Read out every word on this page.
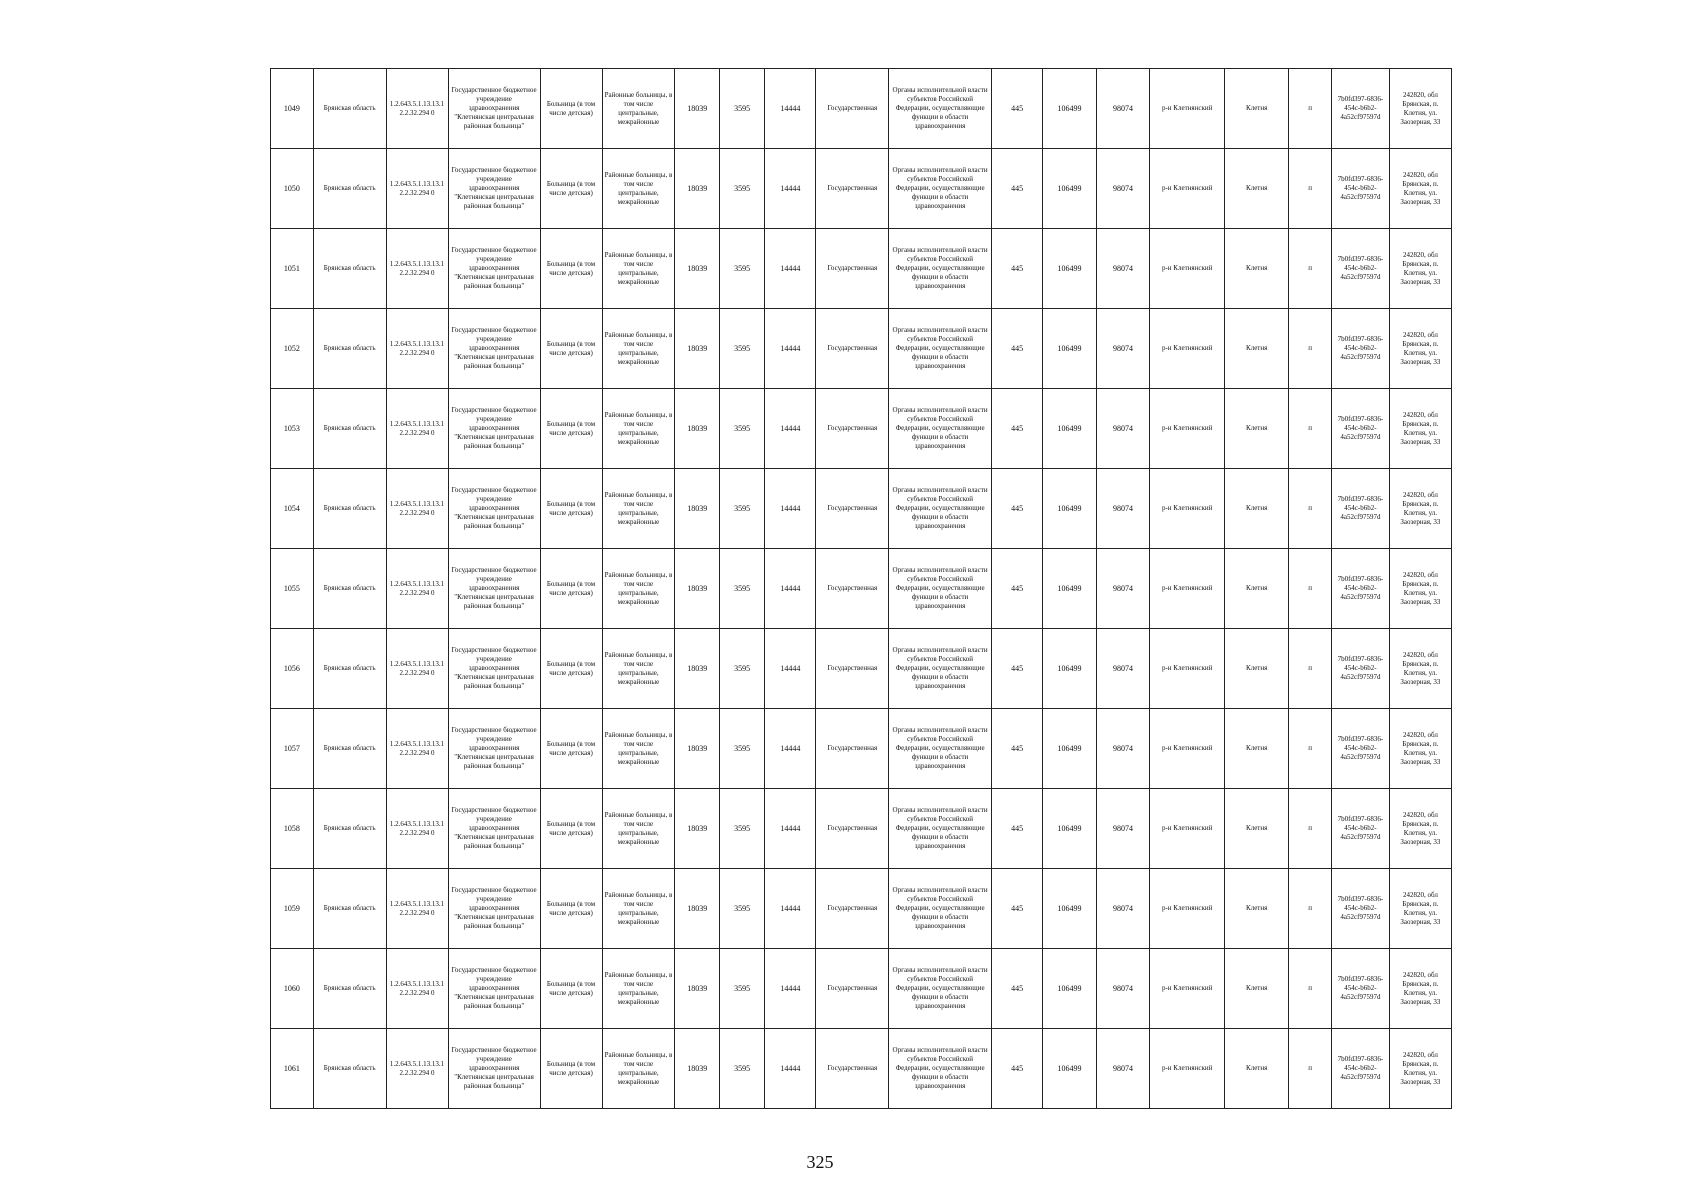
1049	Брянская область	1.2.643.5.1.13.13.12.2.32.294 0	Государственное бюджетное учреждение здравоохранения "Клетнянская центральная районная больница"	Больница (в том числе детская)	Районные больницы, в том числе центральные, межрайонные	18039	3595	14444	Государственная	Органы исполнительной власти субъектов Российской Федерации, осуществляющие функции в области здравоохранения	445	106499	98074	р-н Клетнянский	Клетня	п	7b0fd397-6836-454c-b6b2-4a52cf97597d	242820, обл Брянская, п. Клетня, ул. Заозерная, 33
1050	Брянская область	1.2.643.5.1.13.13.12.2.32.294 0	Государственное бюджетное учреждение здравоохранения "Клетнянская центральная районная больница"	Больница (в том числе детская)	Районные больницы, в том числе центральные, межрайонные	18039	3595	14444	Государственная	Органы исполнительной власти субъектов Российской Федерации, осуществляющие функции в области здравоохранения	445	106499	98074	р-н Клетнянский	Клетня	п	7b0fd397-6836-454c-b6b2-4a52cf97597d	242820, обл Брянская, п. Клетня, ул. Заозерная, 33
1051	Брянская область	1.2.643.5.1.13.13.12.2.32.294 0	Государственное бюджетное учреждение здравоохранения "Клетнянская центральная районная больница"	Больница (в том числе детская)	Районные больницы, в том числе центральные, межрайонные	18039	3595	14444	Государственная	Органы исполнительной власти субъектов Российской Федерации, осуществляющие функции в области здравоохранения	445	106499	98074	р-н Клетнянский	Клетня	п	7b0fd397-6836-454c-b6b2-4a52cf97597d	242820, обл Брянская, п. Клетня, ул. Заозерная, 33
1052	Брянская область	1.2.643.5.1.13.13.12.2.32.294 0	Государственное бюджетное учреждение здравоохранения "Клетнянская центральная районная больница"	Больница (в том числе детская)	Районные больницы, в том числе центральные, межрайонные	18039	3595	14444	Государственная	Органы исполнительной власти субъектов Российской Федерации, осуществляющие функции в области здравоохранения	445	106499	98074	р-н Клетнянский	Клетня	п	7b0fd397-6836-454c-b6b2-4a52cf97597d	242820, обл Брянская, п. Клетня, ул. Заозерная, 33
1053	Брянская область	1.2.643.5.1.13.13.12.2.32.294 0	Государственное бюджетное учреждение здравоохранения "Клетнянская центральная районная больница"	Больница (в том числе детская)	Районные больницы, в том числе центральные, межрайонные	18039	3595	14444	Государственная	Органы исполнительной власти субъектов Российской Федерации, осуществляющие функции в области здравоохранения	445	106499	98074	р-н Клетнянский	Клетня	п	7b0fd397-6836-454c-b6b2-4a52cf97597d	242820, обл Брянская, п. Клетня, ул. Заозерная, 33
1054	Брянская область	1.2.643.5.1.13.13.12.2.32.294 0	Государственное бюджетное учреждение здравоохранения "Клетнянская центральная районная больница"	Больница (в том числе детская)	Районные больницы, в том числе центральные, межрайонные	18039	3595	14444	Государственная	Органы исполнительной власти субъектов Российской Федерации, осуществляющие функции в области здравоохранения	445	106499	98074	р-н Клетнянский	Клетня	п	7b0fd397-6836-454c-b6b2-4a52cf97597d	242820, обл Брянская, п. Клетня, ул. Заозерная, 33
1055	Брянская область	1.2.643.5.1.13.13.12.2.32.294 0	Государственное бюджетное учреждение здравоохранения "Клетнянская центральная районная больница"	Больница (в том числе детская)	Районные больницы, в том числе центральные, межрайонные	18039	3595	14444	Государственная	Органы исполнительной власти субъектов Российской Федерации, осуществляющие функции в области здравоохранения	445	106499	98074	р-н Клетнянский	Клетня	п	7b0fd397-6836-454c-b6b2-4a52cf97597d	242820, обл Брянская, п. Клетня, ул. Заозерная, 33
1056	Брянская область	1.2.643.5.1.13.13.12.2.32.294 0	Государственное бюджетное учреждение здравоохранения "Клетнянская центральная районная больница"	Больница (в том числе детская)	Районные больницы, в том числе центральные, межрайонные	18039	3595	14444	Государственная	Органы исполнительной власти субъектов Российской Федерации, осуществляющие функции в области здравоохранения	445	106499	98074	р-н Клетнянский	Клетня	п	7b0fd397-6836-454c-b6b2-4a52cf97597d	242820, обл Брянская, п. Клетня, ул. Заозерная, 33
1057	Брянская область	1.2.643.5.1.13.13.12.2.32.294 0	Государственное бюджетное учреждение здравоохранения "Клетнянская центральная районная больница"	Больница (в том числе детская)	Районные больницы, в том числе центральные, межрайонные	18039	3595	14444	Государственная	Органы исполнительной власти субъектов Российской Федерации, осуществляющие функции в области здравоохранения	445	106499	98074	р-н Клетнянский	Клетня	п	7b0fd397-6836-454c-b6b2-4a52cf97597d	242820, обл Брянская, п. Клетня, ул. Заозерная, 33
1058	Брянская область	1.2.643.5.1.13.13.12.2.32.294 0	Государственное бюджетное учреждение здравоохранения "Клетнянская центральная районная больница"	Больница (в том числе детская)	Районные больницы, в том числе центральные, межрайонные	18039	3595	14444	Государственная	Органы исполнительной власти субъектов Российской Федерации, осуществляющие функции в области здравоохранения	445	106499	98074	р-н Клетнянский	Клетня	п	7b0fd397-6836-454c-b6b2-4a52cf97597d	242820, обл Брянская, п. Клетня, ул. Заозерная, 33
1059	Брянская область	1.2.643.5.1.13.13.12.2.32.294 0	Государственное бюджетное учреждение здравоохранения "Клетнянская центральная районная больница"	Больница (в том числе детская)	Районные больницы, в том числе центральные, межрайонные	18039	3595	14444	Государственная	Органы исполнительной власти субъектов Российской Федерации, осуществляющие функции в области здравоохранения	445	106499	98074	р-н Клетнянский	Клетня	п	7b0fd397-6836-454c-b6b2-4a52cf97597d	242820, обл Брянская, п. Клетня, ул. Заозерная, 33
1060	Брянская область	1.2.643.5.1.13.13.12.2.32.294 0	Государственное бюджетное учреждение здравоохранения "Клетнянская центральная районная больница"	Больница (в том числе детская)	Районные больницы, в том числе центральные, межрайонные	18039	3595	14444	Государственная	Органы исполнительной власти субъектов Российской Федерации, осуществляющие функции в области здравоохранения	445	106499	98074	р-н Клетнянский	Клетня	п	7b0fd397-6836-454c-b6b2-4a52cf97597d	242820, обл Брянская, п. Клетня, ул. Заозерная, 33
1061	Брянская область	1.2.643.5.1.13.13.12.2.32.294 0	Государственное бюджетное учреждение здравоохранения "Клетнянская центральная районная больница"	Больница (в том числе детская)	Районные больницы, в том числе центральные, межрайонные	18039	3595	14444	Государственная	Органы исполнительной власти субъектов Российской Федерации, осуществляющие функции в области здравоохранения	445	106499	98074	р-н Клетнянский	Клетня	п	7b0fd397-6836-454c-b6b2-4a52cf97597d	242820, обл Брянская, п. Клетня, ул. Заозерная, 33
325
